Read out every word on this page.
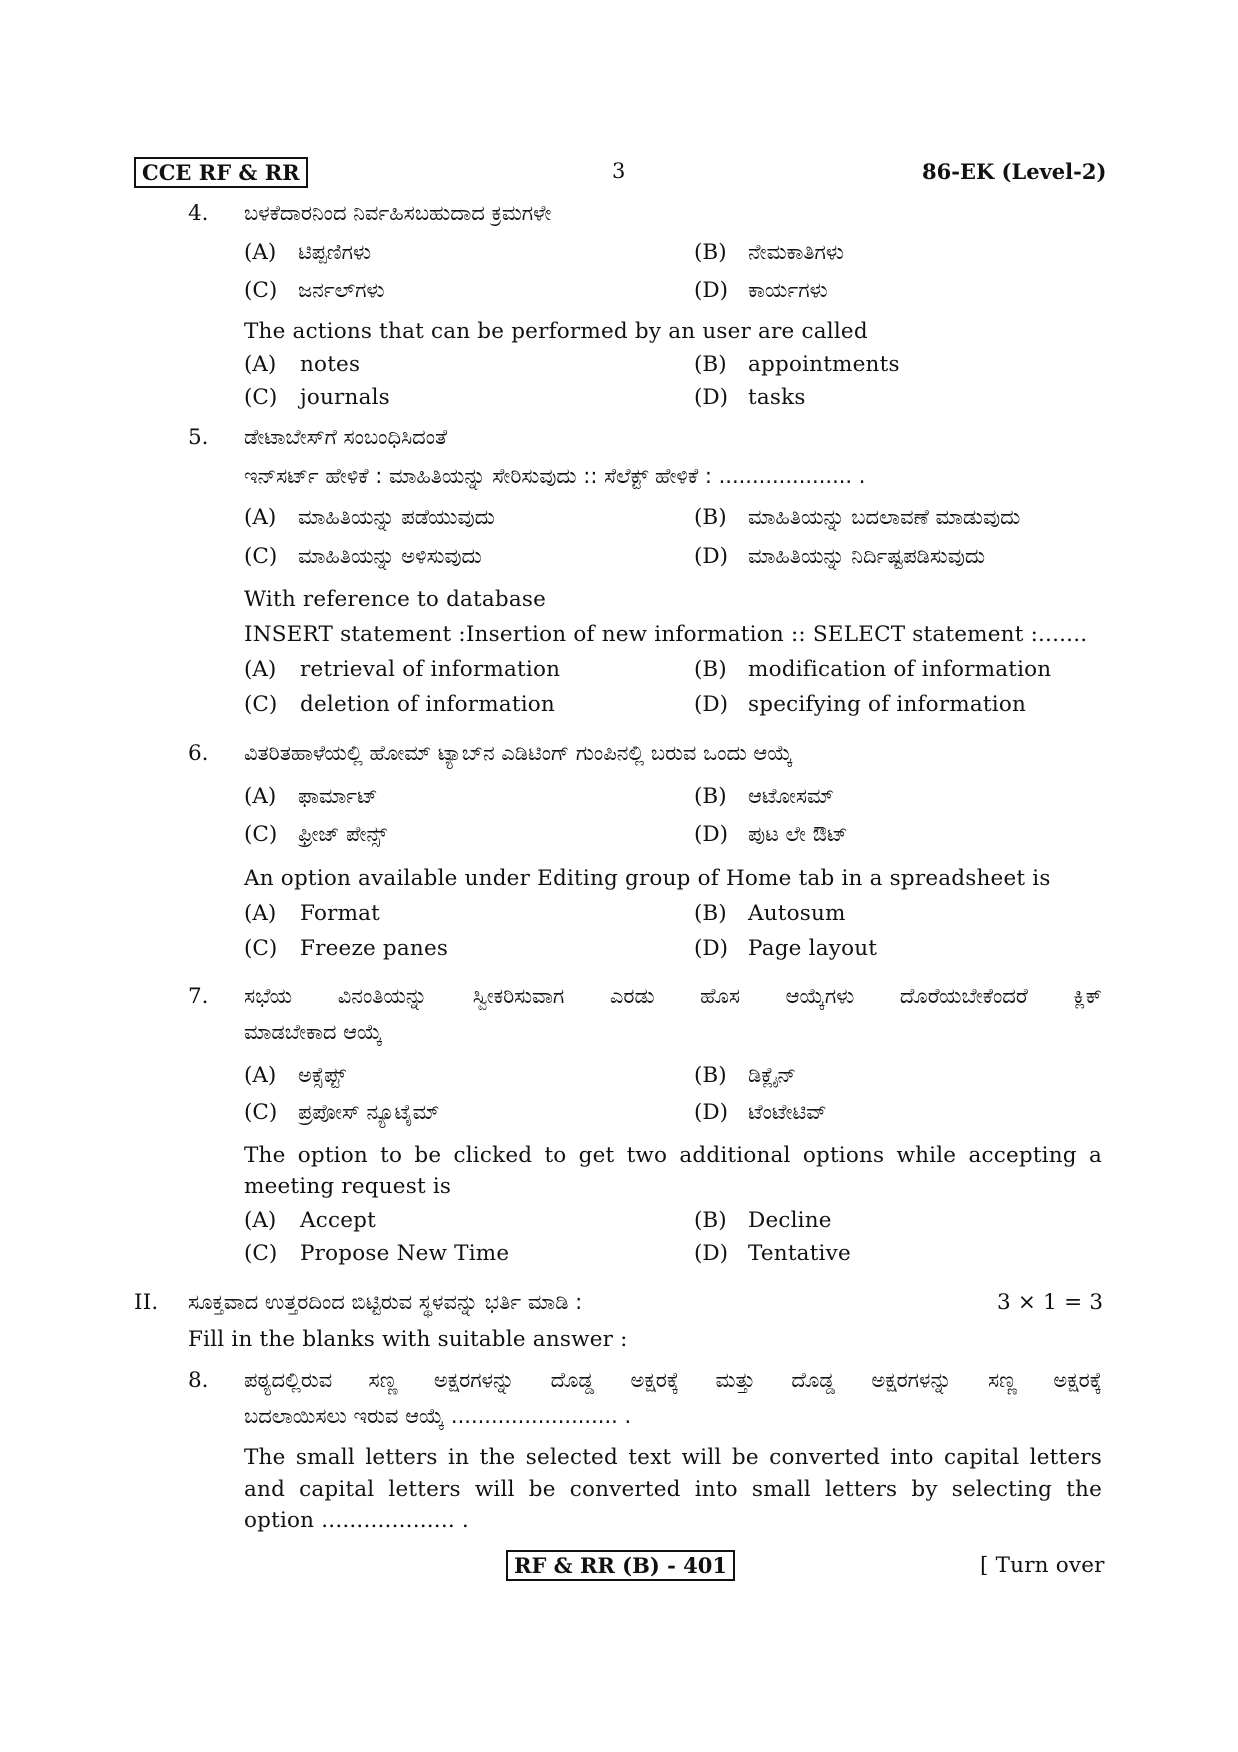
CCE RF & RR	3	86-EK (Level-2)
4. ಬಳಕೆದಾರನಿಂದ ನಿರ್ವಹಿಸಬಹುದಾದ ಕ್ರಮಗಳೇ
(A) ಟಿಪ್ಪಣಿಗಳು	(B) ನೇಮಕಾತಿಗಳು
(C) ಜರ್ನಲ್‌ಗಳು	(D) ಕಾರ್ಯಗಳು
The actions that can be performed by an user are called
(A) notes	(B) appointments
(C) journals	(D) tasks
5. ಡೇಟಾಬೇಸ್‌ಗೆ ಸಂಬಂಧಿಸಿದಂತೆ
ಇನ್‌ಸರ್ಟ್ ಹೇಳಿಕೆ : ಮಾಹಿತಿಯನ್ನು ಸೇರಿಸುವುದು :: ಸೆಲೆಕ್ಟ್ ಹೇಳಿಕೆ : .................... .
(A) ಮಾಹಿತಿಯನ್ನು ಪಡೆಯುವುದು	(B) ಮಾಹಿತಿಯನ್ನು ಬದಲಾವಣೆ ಮಾಡುವುದು
(C) ಮಾಹಿತಿಯನ್ನು ಅಳಿಸುವುದು	(D) ಮಾಹಿತಿಯನ್ನು ನಿರ್ದಿಷ್ಟಪಡಿಸುವುದು
With reference to database
INSERT statement :Insertion of new information :: SELECT statement :.......
(A) retrieval of information	(B) modification of information
(C) deletion of information	(D) specifying of information
6. ವಿತರಿತಹಾಳೆಯಲ್ಲಿ ಹೋಮ್ ಟ್ಯಾಬ್‌ನ ಎಡಿಟಿಂಗ್ ಗುಂಪಿನಲ್ಲಿ ಬರುವ ಒಂದು ಆಯ್ಕೆ
(A) ಫಾರ್ಮಾಟ್	(B) ಆಟೋಸಮ್
(C) ಫ್ರೀಜ್ ಪೇನ್ಸ್	(D) ಪುಟ ಲೇ ಔಟ್
An option available under Editing group of Home tab in a spreadsheet is
(A) Format	(B) Autosum
(C) Freeze panes	(D) Page layout
7. ಸಭೆಯ ವಿನಂತಿಯನ್ನು ಸ್ವೀಕರಿಸುವಾಗ ಎರಡು ಹೊಸ ಆಯ್ಕೆಗಳು ದೊರೆಯಬೇಕೆಂದರೆ ಕ್ಲಿಕ್
ಮಾಡಬೇಕಾದ ಆಯ್ಕೆ
(A) ಅಕ್ಸೆಪ್ಟ್	(B) ಡಿಕ್ಲೈನ್
(C) ಪ್ರಪೋಸ್ ನ್ಯೂಟೈಮ್	(D) ಟೆಂಟೇಟಿವ್
The option to be clicked to get two additional options while accepting a
meeting request is
(A) Accept	(B) Decline
(C) Propose New Time	(D) Tentative
II. ಸೂಕ್ತವಾದ ಉತ್ತರದಿಂದ ಬಿಟ್ಟಿರುವ ಸ್ಥಳವನ್ನು ಭರ್ತಿ ಮಾಡಿ :	3 × 1 = 3
Fill in the blanks with suitable answer :
8. ಪಠ್ಯದಲ್ಲಿರುವ ಸಣ್ಣ ಅಕ್ಷರಗಳನ್ನು ದೊಡ್ಡ ಅಕ್ಷರಕ್ಕೆ ಮತ್ತು ದೊಡ್ಡ ಅಕ್ಷರಗಳನ್ನು ಸಣ್ಣ ಅಕ್ಷರಕ್ಕೆ
ಬದಲಾಯಿಸಲು ಇರುವ ಆಯ್ಕೆ ......................... .
The small letters in the selected text will be converted into capital letters
and capital letters will be converted into small letters by selecting the
option ................... .
RF & RR (B) - 401	[ Turn over
